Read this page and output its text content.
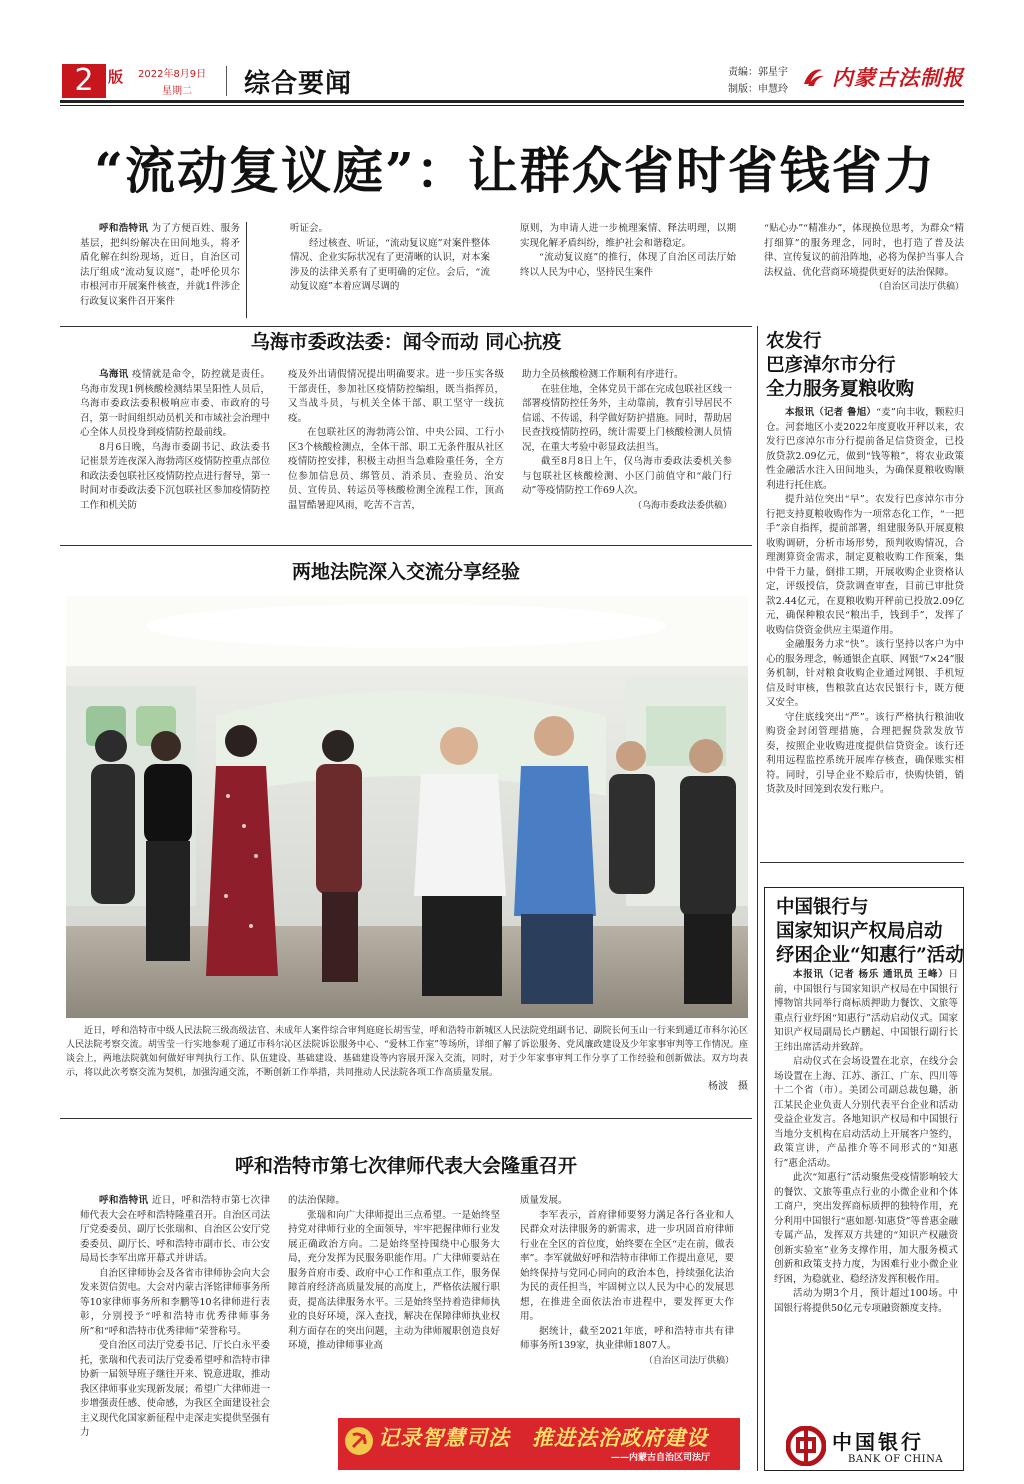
2 版 2022年8月9日
星期二	综合要闻	责编：郭星宇
制版：申慧玲 内蒙古法制报
“流动复议庭”：让群众省时省钱省力

呼和浩特讯 为了方便百姓、服务基层，把纠纷解决在田间地头，将矛盾化解在纠纷现场，近日，自治区司法厅组成“流动复议庭”，赴呼伦贝尔市根河市开展案件核查，并就1件涉企行政复议案件召开案件

听证会。

经过核查、听证，“流动复议庭”对案件整体情况、企业实际状况有了更清晰的认识，对本案涉及的法律关系有了更明确的定位。会后，“流动复议庭”本着应调尽调的

原则，为申请人进一步梳理案情、释法明理，以期实现化解矛盾纠纷，维护社会和谐稳定。

“流动复议庭”的推行，体现了自治区司法厅始终以人民为中心，坚持民生案件

“贴心办”“精准办”，体现换位思考，为群众“精打细算”的服务理念，同时，也打造了普及法律、宣传复议的前沿阵地，必将为保护当事人合法权益、优化营商环境提供更好的法治保障。

（自治区司法厅供稿）
乌海市委政法委：闻令而动 同心抗疫

乌海讯 疫情就是命令，防控就是责任。乌海市发现1例核酸检测结果呈阳性人员后，乌海市委政法委积极响应市委、市政府的号召，第一时间组织动员机关和市域社会治理中心全体人员投身到疫情防控最前线。

8月6日晚，乌海市委副书记、政法委书记崔景芳连夜深入海勃湾区疫情防控重点部位和政法委包联社区疫情防控点进行督导，第一时间对市委政法委下沉包联社区参加疫情防控工作和机关防

疫及外出请假情况提出明确要求。进一步压实各级干部责任，参加社区疫情防控编组，既当指挥员，又当战斗员，与机关全体干部、职工坚守一线抗疫。

在包联社区的海勃湾公馆、中央公园、工行小区3个核酸检测点，全体干部、职工无条件服从社区疫情防控安排，积极主动担当急难险重任务，全方位参加信息员、绑管员、消杀员、查验员、治安员、宣传员、转运员等核酸检测全流程工作，顶高温冒酷暑迎风雨，吃苦不言苦，

助力全员核酸检测工作顺利有序进行。

在驻住地，全体党员干部在完成包联社区线一部署疫情防控任务外，主动靠前，教育引导居民不信谣、不传谣，科学做好防护措施。同时，帮助居民查找疫情防控码，统计需要上门核酸检测人员情况，在重大考验中彰显政法担当。

截至8月8日上午，仅乌海市委政法委机关参与包联社区核酸检测、小区门前值守和“敲门行动”等疫情防控工作69人次。

（乌海市委政法委供稿）
两地法院深入交流分享经验

近日，呼和浩特市中级人民法院三级高级法官、未成年人案件综合审判庭庭长胡雪莹，呼和浩特市新城区人民法院党组副书记、副院长何玉山一行来到通辽市科尔沁区人民法院考察交流。胡雪莹一行实地参观了通辽市科尔沁区法院诉讼服务中心、“爱林工作室”等场所，详细了解了诉讼服务、党风廉政建设及少年家事审判等工作情况。座谈会上，两地法院就如何做好审判执行工作、队伍建设、基础建设、基础建设等内容展开深入交流，同时，对于少年家事审判工作分享了工作经验和创新做法。双方均表示，将以此次考察交流为契机，加强沟通交流，不断创新工作举措，共同推动人民法院各项工作高质量发展。

杨波　摄
呼和浩特市第七次律师代表大会隆重召开

呼和浩特讯 近日，呼和浩特市第七次律师代表大会在呼和浩特隆重召开。自治区司法厅党委委员、副厅长张瑞和、自治区公安厅党委委员、副厅长、呼和浩特市副市长、市公安局局长李军出席开幕式并讲话。

自治区律师协会及各省市律师协会向大会发来贺信贺电。大会对内蒙古泽铭律师事务所等10家律师事务所和李鹏等10名律师进行表彰，分别授予“呼和浩特市优秀律师事务所”和“呼和浩特市优秀律师”荣誉称号。

受自治区司法厅党委书记、厅长白永平委托，张瑞和代表司法厅党委希望呼和浩特市律协新一届领导班子继往开来、锐意进取，推动我区律师事业实现新发展；希望广大律师进一步增强责任感、使命感，为我区全面建设社会主义现代化国家新征程中走深走实提供坚强有力

的法治保障。

张瑞和向广大律师提出三点希望。一是始终坚持党对律师行业的全面领导，牢牢把握律师行业发展正确政治方向。二是始终坚持围绕中心服务大局，充分发挥为民服务职能作用。广大律师要站在服务首府市委、政府中心工作和重点工作，服务保障首府经济高质量发展的高度上，严格依法履行职责，提高法律服务水平。三是始终坚持着造律师执业的良好环境，深入查找，解决在保障律师执业权利方面存在的突出问题，主动为律师履职创造良好环境，推动律师事业高

质量发展。

李军表示，首府律师要努力满足各行各业和人民群众对法律服务的新需求，进一步巩固首府律师行业在全区的首位度，始终要在全区“走在前，做表率”。李军就做好呼和浩特市律师工作提出意见，要始终保持与党同心同向的政治本色，持续强化法治为民的责任担当，牢固树立以人民为中心的发展思想，在推进全面依法治市进程中，要发挥更大作用。

据统计，截至2021年底，呼和浩特市共有律师事务所139家，执业律师1807人。

（自治区司法厅供稿）
记录智慧司法　推进法治政府建设
——内蒙古自治区司法厅
农发行
巴彦淖尔市分行
全力服务夏粮收购

本报讯（记者 鲁旭）“麦”向丰收，颗粒归仓。河套地区小麦2022年度夏收开秤以来，农发行巴彦淖尔市分行提前备足信贷资金，已投放贷款2.09亿元，做到“钱等粮”，将农业政策性金融活水注入田间地头，为确保夏粮收购顺利进行托住底。

提升站位突出“早”。农发行巴彦淖尔市分行把支持夏粮收购作为一项常态化工作，“一把手”亲自指挥，提前部署，组建服务队开展夏粮收购调研，分析市场形势，预判收购情况，合理测算资金需求，制定夏粮收购工作预案，集中骨干力量，倒排工期，开展收购企业资格认定，评级授信，贷款调查审查，目前已审批贷款2.44亿元，在夏粮收购开秤前已投放2.09亿元，确保种粮农民“粮出手，钱到手”，发挥了收购信贷资金供应主渠道作用。

金融服务力求“快”。该行坚持以客户为中心的服务理念，畅通银企直联、网银“7×24”服务机制，针对粮食收购企业通过网银、手机短信及时审核，售粮款直达农民银行卡，既方便又安全。

守住底线突出“严”。该行严格执行粮油收购资金封闭管理措施，合理把握贷款发放节奏，按照企业收购进度提供信贷资金。该行还利用远程监控系统开展库存核查，确保账实相符。同时，引导企业不赊后市，快购快销，销货款及时回笼到农发行账户。

中国银行与
国家知识产权局启动
纾困企业“知惠行”活动

本报讯（记者 杨乐 通讯员 王峰）日前，中国银行与国家知识产权局在中国银行博物馆共同举行商标质押助力餐饮、文旅等重点行业纾困“知惠行”活动启动仪式。国家知识产权局副局长卢鹏起、中国银行副行长王纬出席活动并致辞。

启动仪式在会场设置在北京，在线分会场设置在上海、江苏、浙江、广东、四川等十二个省（市）。美团公司副总裁包璐，浙江某民企业负责人分别代表平台企业和活动受益企业发言。各地知识产权局和中国银行当地分支机构在启动活动上开展客户签约，政策宣讲，产品推介等不同形式的“知惠行”惠企活动。

此次“知惠行”活动聚焦受疫情影响较大的餐饮、文旅等重点行业的小微企业和个体工商户，突出发挥商标质押的独特作用，充分利用中国银行“惠如愿·知惠贷”等普惠金融专属产品，发挥双方共建的“知识产权融资创新实验室”业务支撑作用，加大服务模式创新和政策支持力度，为困难行业小微企业纾困，为稳就业、稳经济发挥积极作用。

活动为期3个月，预计超过100场。中国银行将提供50亿元专项融资额度支持。

中国银行
BANK OF CHINA
